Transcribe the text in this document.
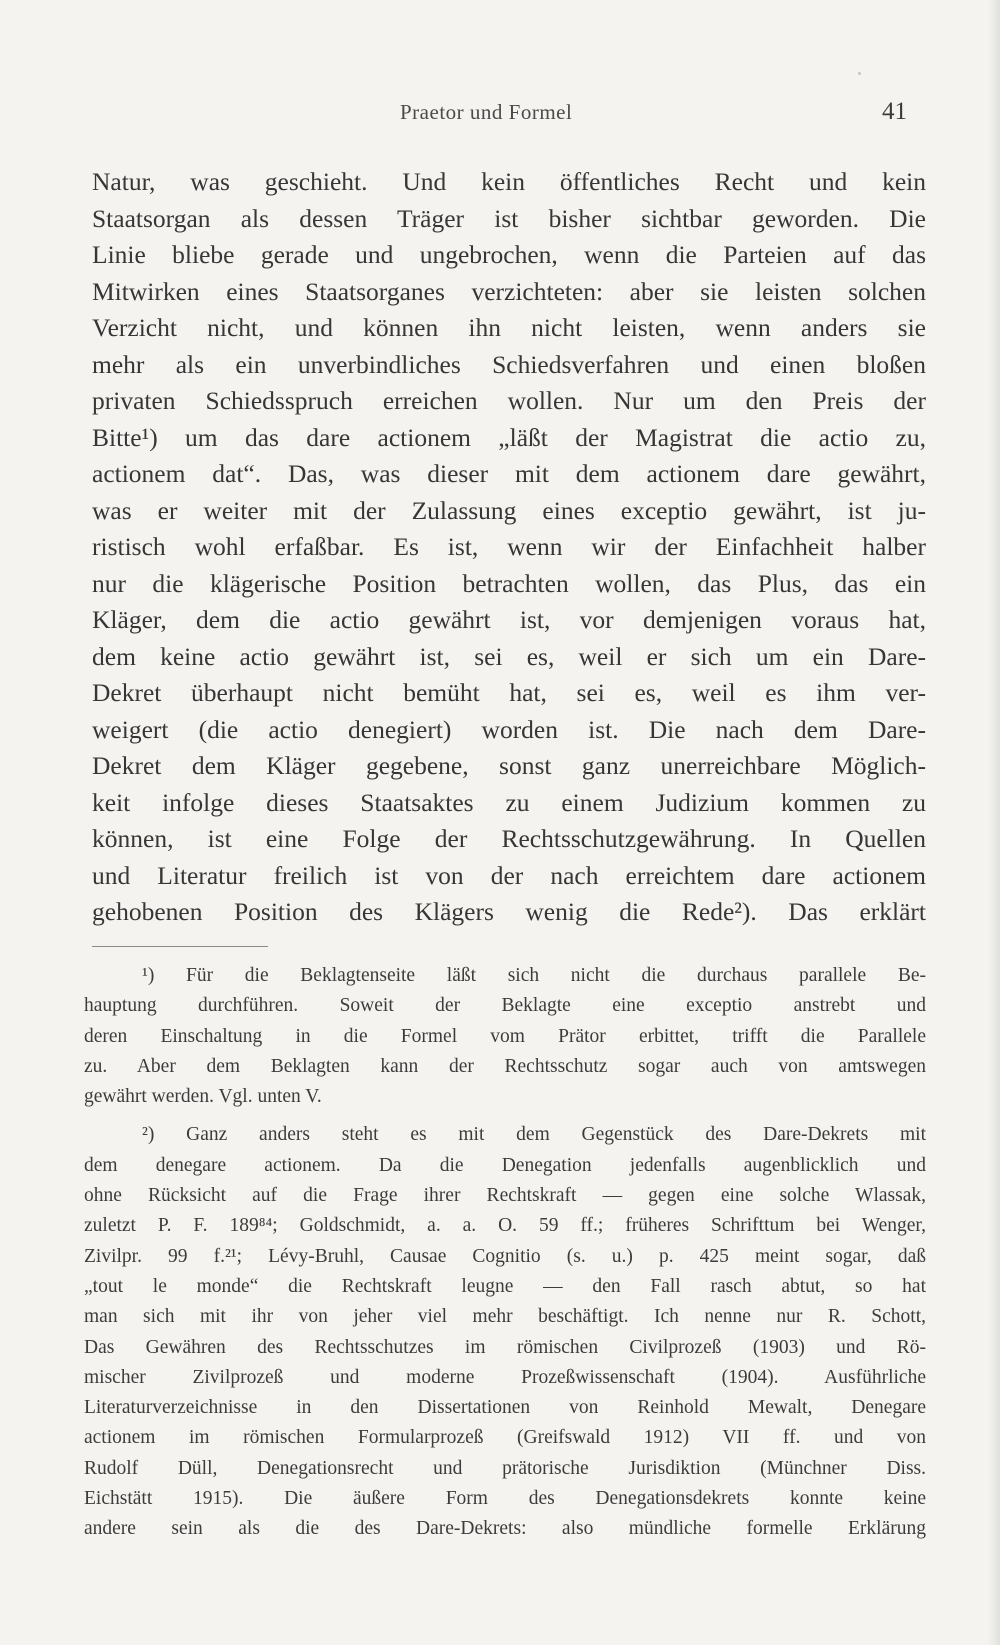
Praetor und Formel	41
Natur, was geschieht. Und kein öffentliches Recht und kein
Staatsorgan als dessen Träger ist bisher sichtbar geworden. Die
Linie bliebe gerade und ungebrochen, wenn die Parteien auf das
Mitwirken eines Staatsorganes verzichteten: aber sie leisten solchen
Verzicht nicht, und können ihn nicht leisten, wenn anders sie
mehr als ein unverbindliches Schiedsverfahren und einen bloßen
privaten Schiedsspruch erreichen wollen. Nur um den Preis der
Bitte¹) um das dare actionem „läßt der Magistrat die actio zu,
actionem dat“. Das, was dieser mit dem actionem dare gewährt,
was er weiter mit der Zulassung eines exceptio gewährt, ist ju-
ristisch wohl erfaßbar. Es ist, wenn wir der Einfachheit halber
nur die klägerische Position betrachten wollen, das Plus, das ein
Kläger, dem die actio gewährt ist, vor demjenigen voraus hat,
dem keine actio gewährt ist, sei es, weil er sich um ein Dare-
Dekret überhaupt nicht bemüht hat, sei es, weil es ihm ver-
weigert (die actio denegiert) worden ist. Die nach dem Dare-
Dekret dem Kläger gegebene, sonst ganz unerreichbare Möglich-
keit infolge dieses Staatsaktes zu einem Judizium kommen zu
können, ist eine Folge der Rechtsschutzgewährung. In Quellen
und Literatur freilich ist von der nach erreichtem dare actionem
gehobenen Position des Klägers wenig die Rede²). Das erklärt
¹) Für die Beklagtenseite läßt sich nicht die durchaus parallele Be-
hauptung durchführen. Soweit der Beklagte eine exceptio anstrebt und
deren Einschaltung in die Formel vom Prätor erbittet, trifft die Parallele
zu. Aber dem Beklagten kann der Rechtsschutz sogar auch von amtswegen
gewährt werden. Vgl. unten V.
²) Ganz anders steht es mit dem Gegenstück des Dare-Dekrets mit
dem denegare actionem. Da die Denegation jedenfalls augenblicklich und
ohne Rücksicht auf die Frage ihrer Rechtskraft — gegen eine solche Wlassak,
zuletzt P. F. 189⁸⁴; Goldschmidt, a. a. O. 59 ff.; früheres Schrifttum bei Wenger,
Zivilpr. 99 f.²¹; Lévy-Bruhl, Causae Cognitio (s. u.) p. 425 meint sogar, daß
„tout le monde“ die Rechtskraft leugne — den Fall rasch abtut, so hat
man sich mit ihr von jeher viel mehr beschäftigt. Ich nenne nur R. Schott,
Das Gewähren des Rechtsschutzes im römischen Civilprozeß (1903) und Rö-
mischer Zivilprozeß und moderne Prozeßwissenschaft (1904). Ausführliche
Literaturverzeichnisse in den Dissertationen von Reinhold Mewalt, Denegare
actionem im römischen Formularprozeß (Greifswald 1912) VII ff. und von
Rudolf Düll, Denegationsrecht und prätorische Jurisdiktion (Münchner Diss.
Eichstätt 1915). Die äußere Form des Denegationsdekrets konnte keine
andere sein als die des Dare-Dekrets: also mündliche formelle Erklärung
